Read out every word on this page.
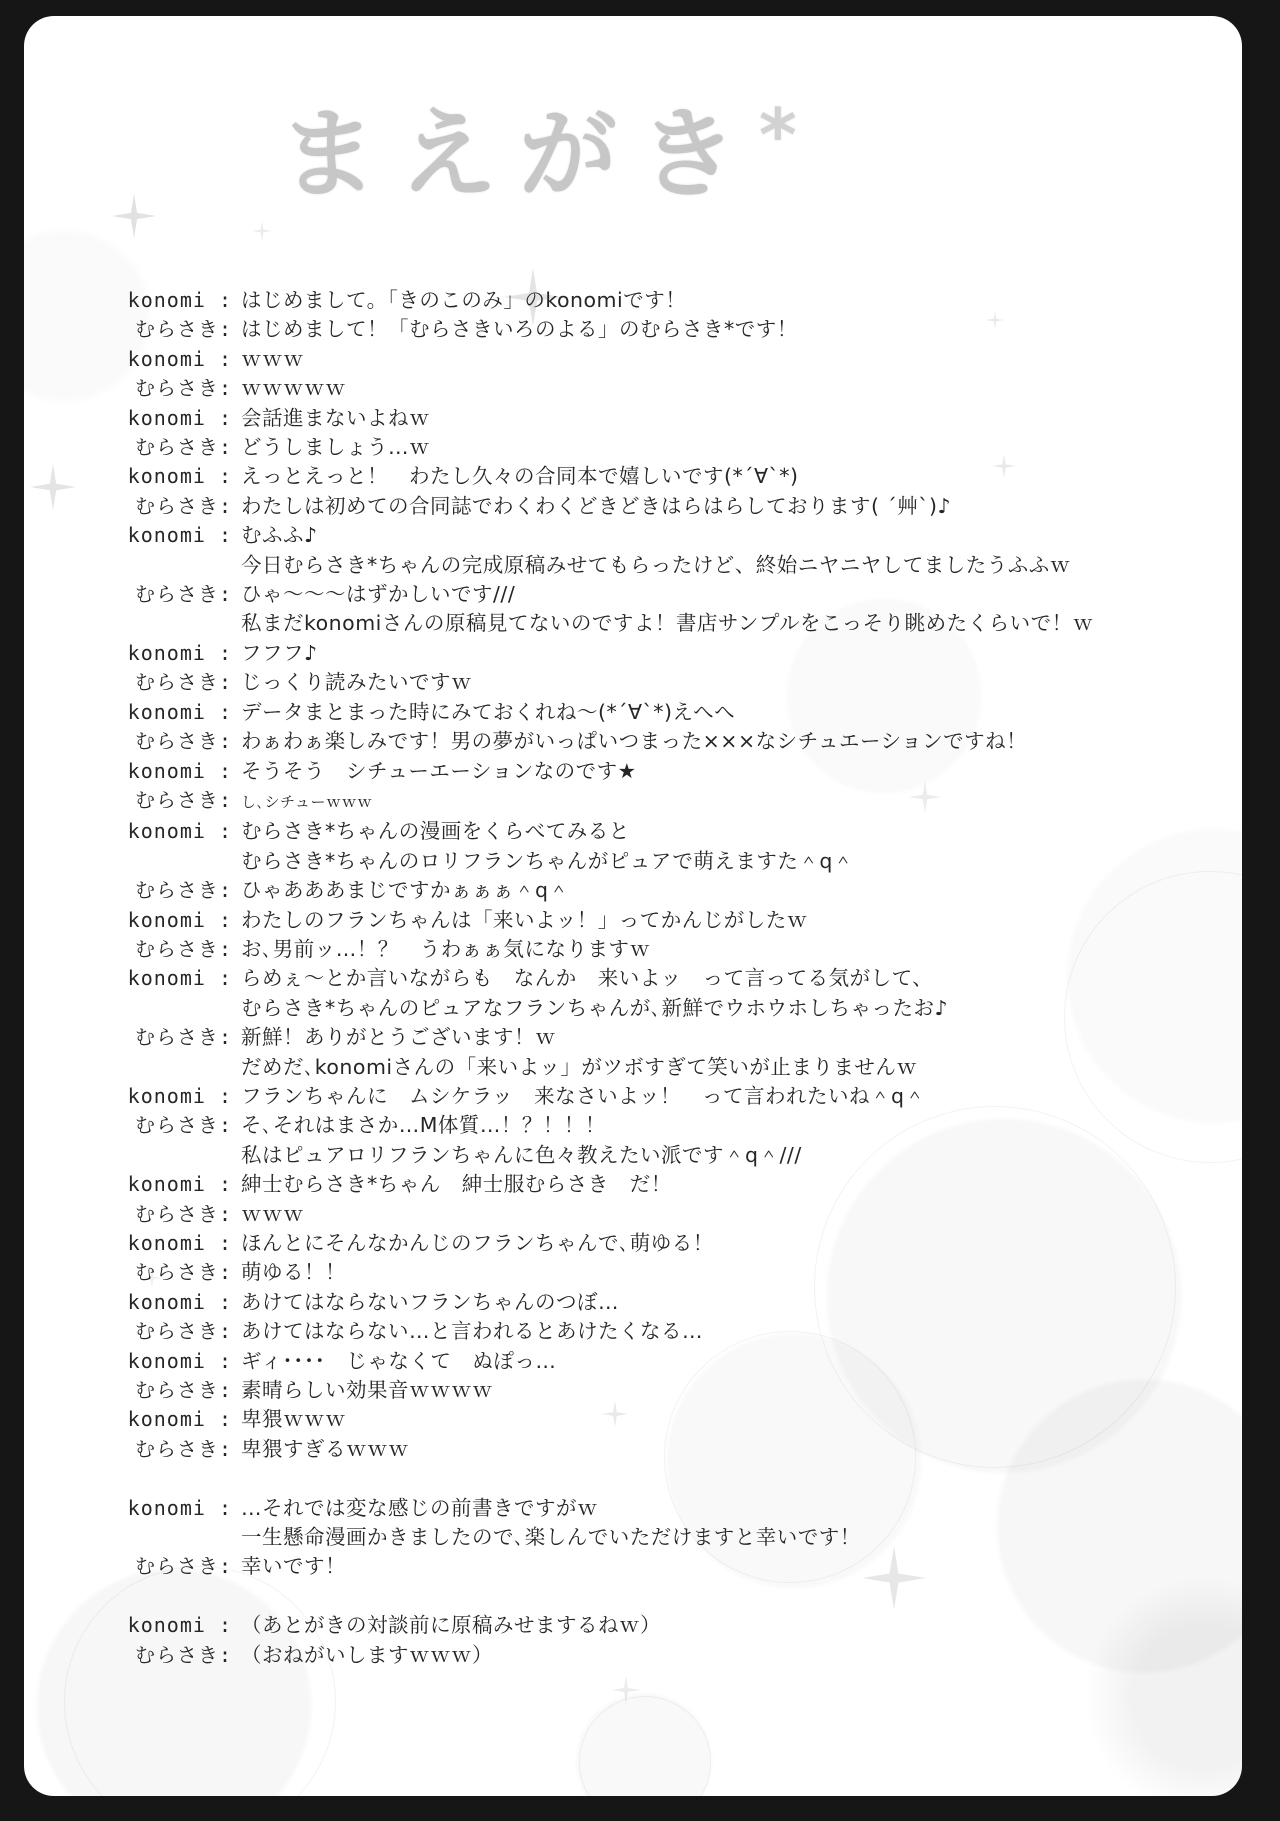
まえがき*
konomi : はじめまして。「きのこのみ」のkonomiです！
むらさき: はじめまして！「むらさきいろのよる」のむらさき*です！
konomi : ｗｗｗ
むらさき: ｗｗｗｗｗ
konomi : 会話進まないよねｗ
むらさき: どうしましょう…ｗ
konomi : えっとえっと！　わたし久々の合同本で嬉しいです(*´∀`*)
むらさき: わたしは初めての合同誌でわくわくどきどきはらはらしております( ´艸`)♪
konomi : むふふ♪
今日むらさき*ちゃんの完成原稿みせてもらったけど、終始ニヤニヤしてましたうふふｗ
むらさき: ひゃ～～～はずかしいです///
私まだkonomiさんの原稿見てないのですよ！書店サンプルをこっそり眺めたくらいで！ｗ
konomi : フフフ♪
むらさき: じっくり読みたいですｗ
konomi : データまとまった時にみておくれね～(*´∀`*)えへへ
むらさき: わぁわぁ楽しみです！男の夢がいっぱいつまった×××なシチュエーションですね！
konomi : そうそう　シチューエーションなのです★
むらさき: し､シチューｗｗｗ
konomi : むらさき*ちゃんの漫画をくらべてみると
むらさき*ちゃんのロリフランちゃんがピュアで萌えますた＾q＾
むらさき: ひゃあああまじですかぁぁぁ＾q＾
konomi : わたしのフランちゃんは「来いよッ！」ってかんじがしたｗ
むらさき: お､男前ッ…！？　うわぁぁ気になりますｗ
konomi : らめぇ～とか言いながらも　なんか　来いよッ　って言ってる気がして、
むらさき*ちゃんのピュアなフランちゃんが､新鮮でウホウホしちゃったお♪
むらさき: 新鮮！ありがとうございます！ｗ
だめだ､konomiさんの「来いよッ」がツボすぎて笑いが止まりませんｗ
konomi : フランちゃんに　ムシケラッ　来なさいよッ！　って言われたいね＾q＾
むらさき: そ､それはまさか…M体質…！？！！！
私はピュアロリフランちゃんに色々教えたい派です＾q＾///
konomi : 紳士むらさき*ちゃん　紳士服むらさき　だ！
むらさき: ｗｗｗ
konomi : ほんとにそんなかんじのフランちゃんで､萌ゆる！
むらさき: 萌ゆる！！
konomi : あけてはならないフランちゃんのつぼ…
むらさき: あけてはならない…と言われるとあけたくなる…
konomi : ギィ････　じゃなくて　ぬぽっ…
むらさき: 素晴らしい効果音ｗｗｗｗ
konomi : 卑猥ｗｗｗ
むらさき: 卑猥すぎるｗｗｗ
konomi : …それでは変な感じの前書きですがｗ
一生懸命漫画かきましたので､楽しんでいただけますと幸いです！
むらさき: 幸いです！
konomi : （あとがきの対談前に原稿みせまするねｗ）
むらさき: （おねがいしますｗｗｗ）
